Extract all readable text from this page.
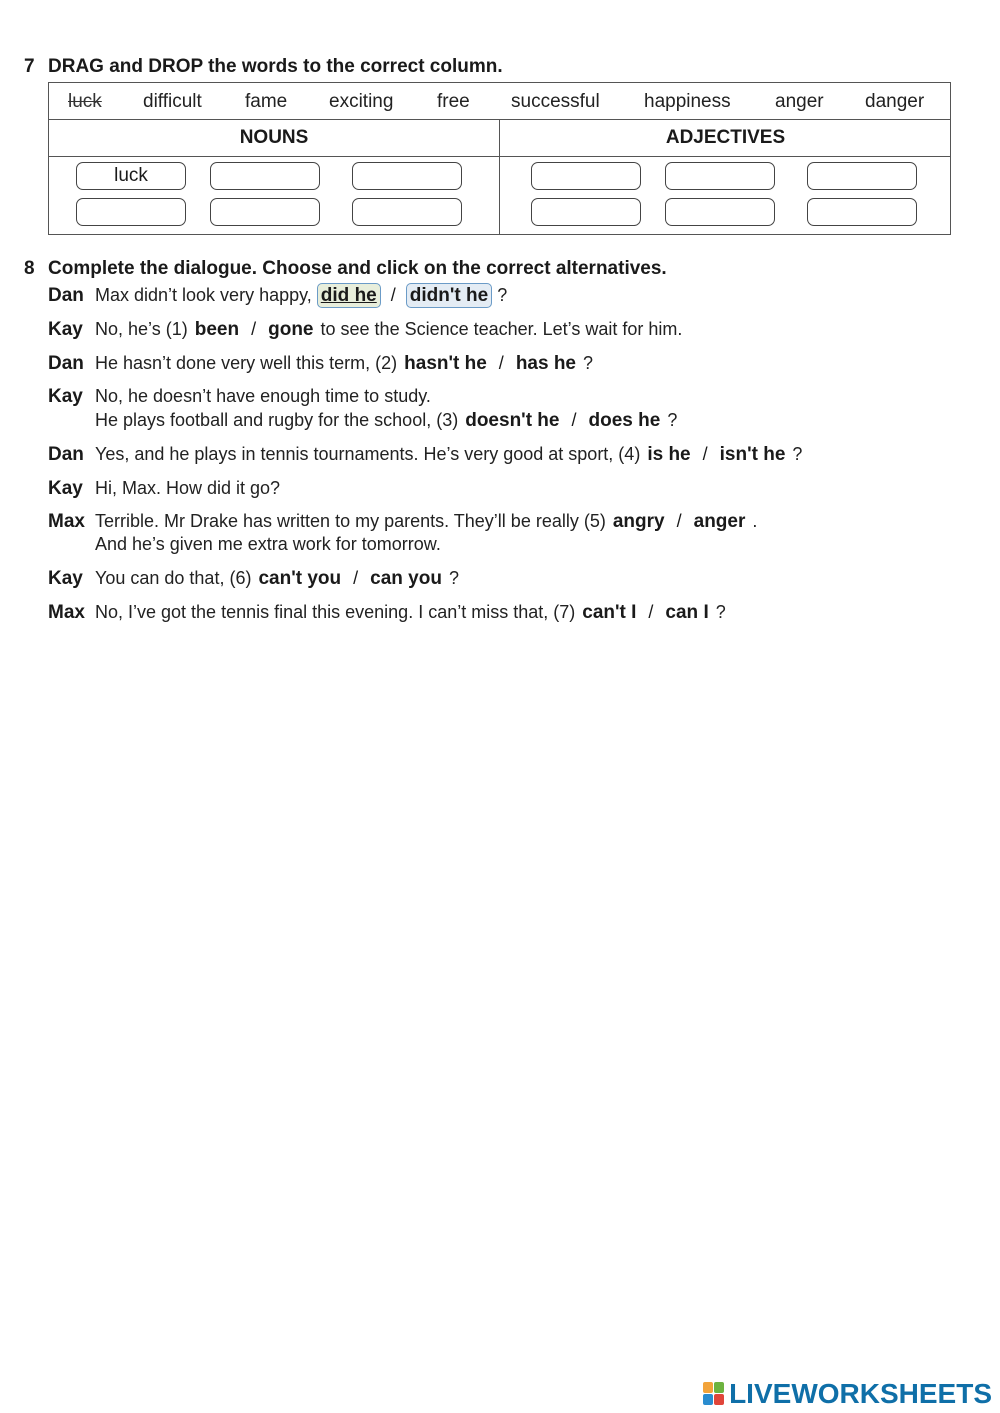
7 DRAG and DROP the words to the correct column.
luck difficult fame exciting free successful happiness anger danger
NOUNS	ADJECTIVES
luck
8 Complete the dialogue. Choose and click on the correct alternatives.
Dan Max didn’t look very happy, did he / didn't he ?
Kay No, he’s (1) been / gone to see the Science teacher. Let’s wait for him.
Dan He hasn’t done very well this term, (2) hasn't he / has he ?
Kay No, he doesn’t have enough time to study.
He plays football and rugby for the school, (3) doesn't he / does he ?
Dan Yes, and he plays in tennis tournaments. He’s very good at sport, (4) is he / isn't he ?
Kay Hi, Max. How did it go?
Max Terrible. Mr Drake has written to my parents. They’ll be really (5) angry / anger .
And he’s given me extra work for tomorrow.
Kay You can do that, (6) can't you / can you ?
Max No, I’ve got the tennis final this evening. I can’t miss that, (7) can't I / can I ?
LIVEWORKSHEETS
